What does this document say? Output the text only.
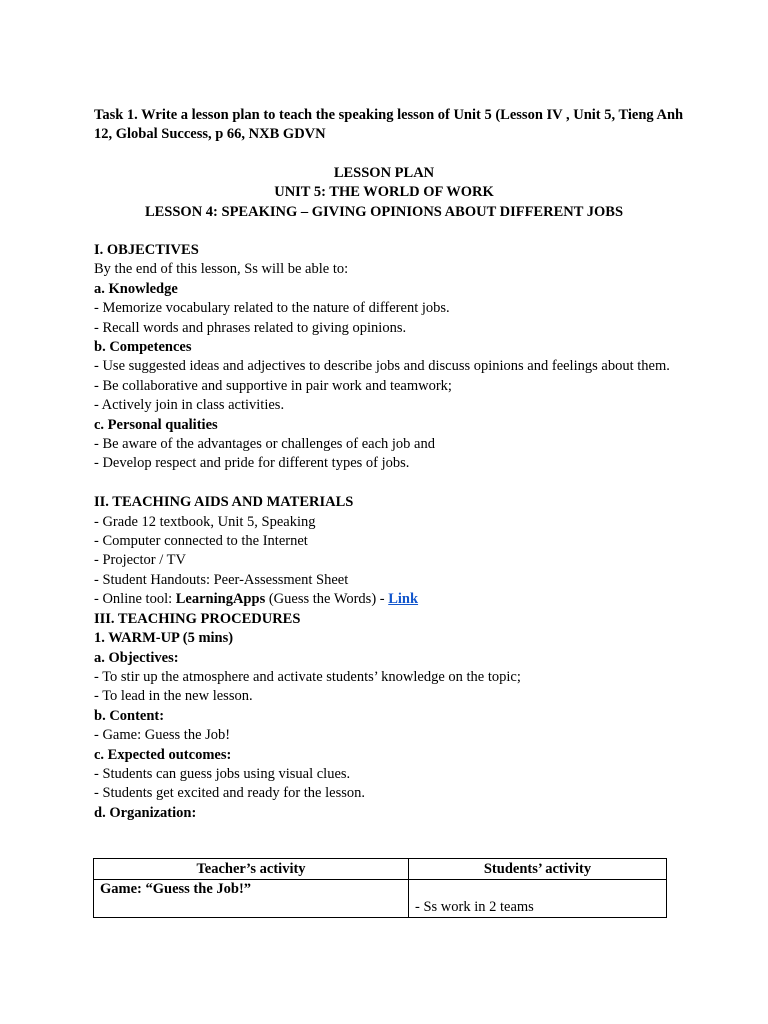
Task 1. Write a lesson plan to teach the speaking lesson of Unit 5 (Lesson IV , Unit 5, Tieng Anh 12, Global Success, p 66, NXB GDVN
LESSON PLAN
UNIT 5: THE WORLD OF WORK
LESSON 4: SPEAKING – GIVING OPINIONS ABOUT DIFFERENT JOBS

I. OBJECTIVES

By the end of this lesson, Ss will be able to:

a. Knowledge

- Memorize vocabulary related to the nature of different jobs.

- Recall words and phrases related to giving opinions.

b. Competences

- Use suggested ideas and adjectives to describe jobs and discuss opinions and feelings about them.

- Be collaborative and supportive in pair work and teamwork;

- Actively join in class activities.

c. Personal qualities

- Be aware of the advantages or challenges of each job and

- Develop respect and pride for different types of jobs.

II. TEACHING AIDS AND MATERIALS

- Grade 12 textbook, Unit 5, Speaking

- Computer connected to the Internet

- Projector / TV

- Student Handouts: Peer-Assessment Sheet

- Online tool: LearningApps (Guess the Words) - Link

III. TEACHING PROCEDURES

1. WARM-UP (5 mins)

a. Objectives:

- To stir up the atmosphere and activate students’ knowledge on the topic;

- To lead in the new lesson.

b. Content:

- Game: Guess the Job!

c. Expected outcomes:

- Students can guess jobs using visual clues.

- Students get excited and ready for the lesson.

d. Organization:

Teacher’s activity	Students’ activity
Game: “Guess the Job!”	- Ss work in 2 teams
